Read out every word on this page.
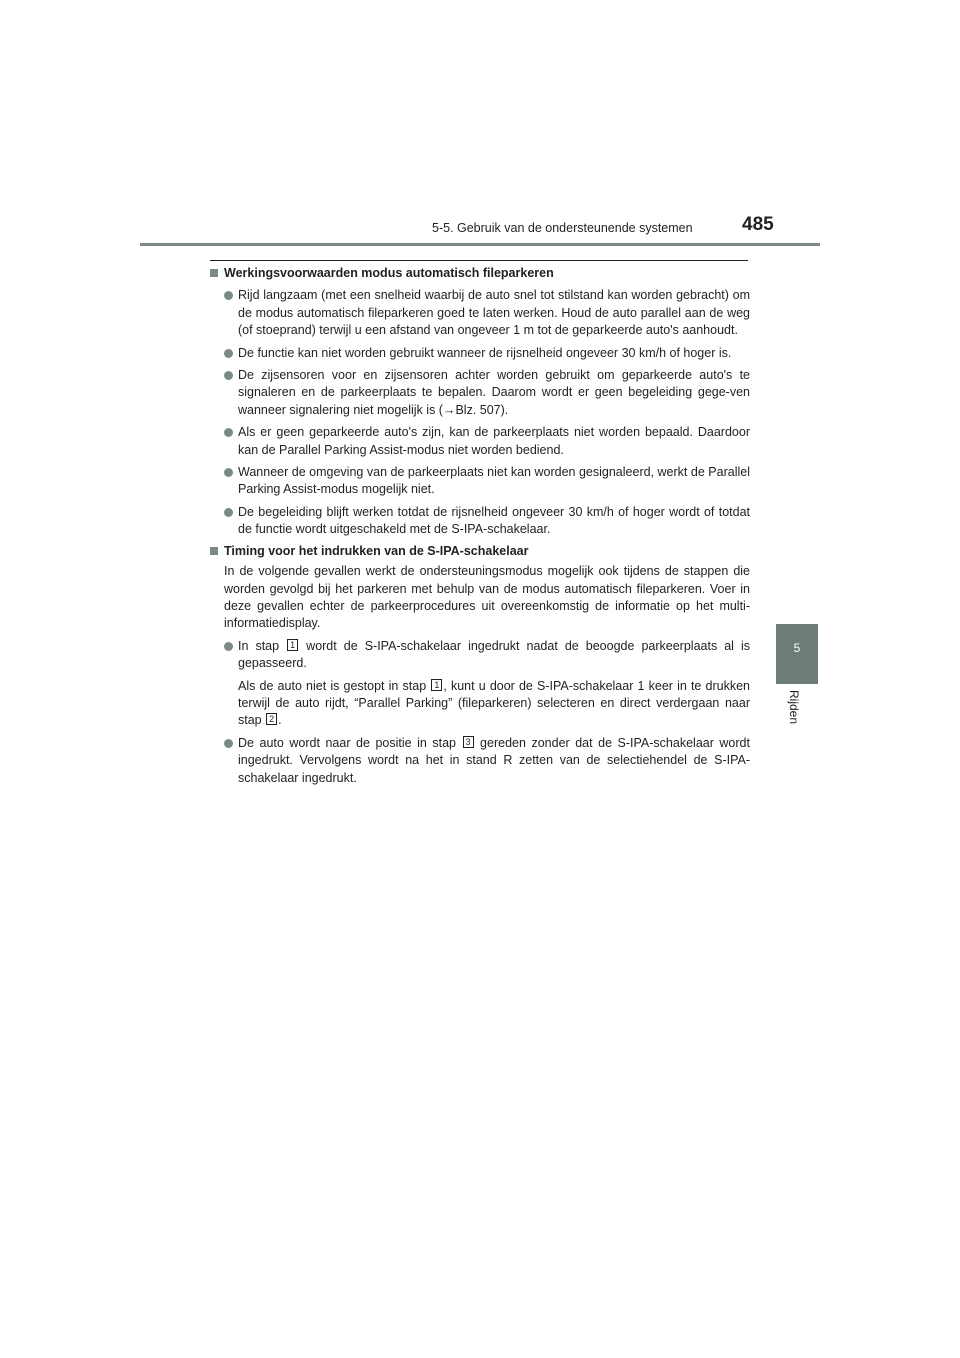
5-5. Gebruik van de ondersteunende systemen	485
5
Rijden
Werkingsvoorwaarden modus automatisch fileparkeren
Rijd langzaam (met een snelheid waarbij de auto snel tot stilstand kan worden gebracht) om de modus automatisch fileparkeren goed te laten werken. Houd de auto parallel aan de weg (of stoeprand) terwijl u een afstand van ongeveer 1 m tot de geparkeerde auto's aanhoudt.
De functie kan niet worden gebruikt wanneer de rijsnelheid ongeveer 30 km/h of hoger is.
De zijsensoren voor en zijsensoren achter worden gebruikt om geparkeerde auto's te signaleren en de parkeerplaats te bepalen. Daarom wordt er geen begeleiding gege-ven wanneer signalering niet mogelijk is (→Blz. 507).
Als er geen geparkeerde auto's zijn, kan de parkeerplaats niet worden bepaald. Daardoor kan de Parallel Parking Assist-modus niet worden bediend.
Wanneer de omgeving van de parkeerplaats niet kan worden gesignaleerd, werkt de Parallel Parking Assist-modus mogelijk niet.
De begeleiding blijft werken totdat de rijsnelheid ongeveer 30 km/h of hoger wordt of totdat de functie wordt uitgeschakeld met de S-IPA-schakelaar.
Timing voor het indrukken van de S-IPA-schakelaar
In de volgende gevallen werkt de ondersteuningsmodus mogelijk ook tijdens de stappen die worden gevolgd bij het parkeren met behulp van de modus automatisch fileparkeren. Voer in deze gevallen echter de parkeerprocedures uit overeenkomstig de informatie op het multi-informatiedisplay.
In stap 1 wordt de S-IPA-schakelaar ingedrukt nadat de beoogde parkeerplaats al is gepasseerd.
Als de auto niet is gestopt in stap 1 , kunt u door de S-IPA-schakelaar 1 keer in te drukken terwijl de auto rijdt, “Parallel Parking” (fileparkeren) selecteren en direct verdergaan naar stap 2 .
De auto wordt naar de positie in stap 3 gereden zonder dat de S-IPA-schakelaar wordt ingedrukt. Vervolgens wordt na het in stand R zetten van de selectiehendel de S-IPA-schakelaar ingedrukt.
